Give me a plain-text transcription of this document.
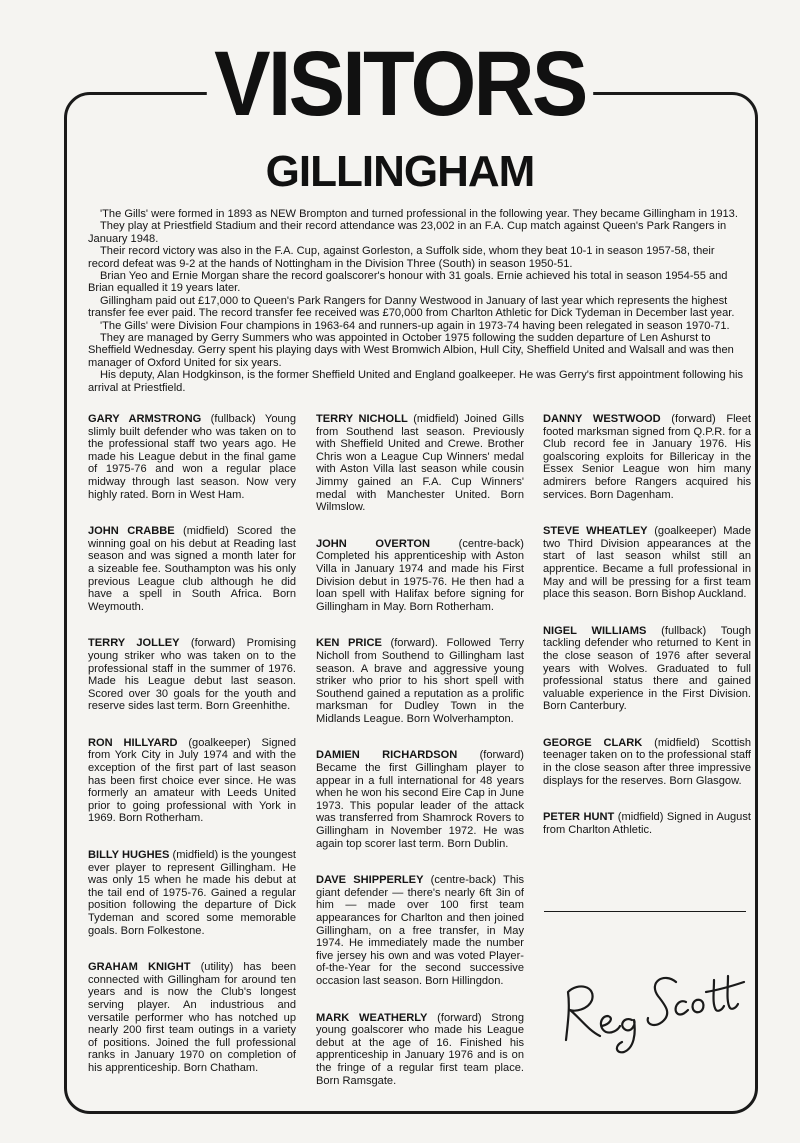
VISITORS
GILLINGHAM

'The Gills' were formed in 1893 as NEW Brompton and turned professional in the following year. They became Gillingham in 1913.

They play at Priestfield Stadium and their record attendance was 23,002 in an F.A. Cup match against Queen's Park Rangers in January 1948.

Their record victory was also in the F.A. Cup, against Gorleston, a Suffolk side, whom they beat 10-1 in season 1957-58, their record defeat was 9-2 at the hands of Nottingham in the Division Three (South) in season 1950-51.

Brian Yeo and Ernie Morgan share the record goalscorer's honour with 31 goals. Ernie achieved his total in season 1954-55 and Brian equalled it 19 years later.

Gillingham paid out £17,000 to Queen's Park Rangers for Danny Westwood in January of last year which represents the highest transfer fee ever paid. The record transfer fee received was £70,000 from Charlton Athletic for Dick Tydeman in December last year.

'The Gills' were Division Four champions in 1963-64 and runners-up again in 1973-74 having been relegated in season 1970-71.

They are managed by Gerry Summers who was appointed in October 1975 following the sudden departure of Len Ashurst to Sheffield Wednesday. Gerry spent his playing days with West Bromwich Albion, Hull City, Sheffield United and Walsall and was then manager of Oxford United for six years.

His deputy, Alan Hodgkinson, is the former Sheffield United and England goalkeeper. He was Gerry's first appointment following his arrival at Priestfield.

GARY ARMSTRONG (fullback) Young slimly built defender who was taken on to the professional staff two years ago. He made his League debut in the final game of 1975-76 and won a regular place midway through last season. Now very highly rated. Born in West Ham.

JOHN CRABBE (midfield) Scored the winning goal on his debut at Reading last season and was signed a month later for a sizeable fee. Southampton was his only previous League club although he did have a spell in South Africa. Born Weymouth.

TERRY JOLLEY (forward) Promising young striker who was taken on to the professional staff in the summer of 1976. Made his League debut last season. Scored over 30 goals for the youth and reserve sides last term. Born Greenhithe.

RON HILLYARD (goalkeeper) Signed from York City in July 1974 and with the exception of the first part of last season has been first choice ever since. He was formerly an amateur with Leeds United prior to going professional with York in 1969. Born Rotherham.

BILLY HUGHES (midfield) is the youngest ever player to represent Gillingham. He was only 15 when he made his debut at the tail end of 1975-76. Gained a regular position following the departure of Dick Tydeman and scored some memorable goals. Born Folkestone.

GRAHAM KNIGHT (utility) has been connected with Gillingham for around ten years and is now the Club's longest serving player. An industrious and versatile performer who has notched up nearly 200 first team outings in a variety of positions. Joined the full professional ranks in January 1970 on completion of his apprenticeship. Born Chatham.

TERRY NICHOLL (midfield) Joined Gills from Southend last season. Previously with Sheffield United and Crewe. Brother Chris won a League Cup Winners' medal with Aston Villa last season while cousin Jimmy gained an F.A. Cup Winners' medal with Manchester United. Born Wilmslow.

JOHN OVERTON (centre-back) Completed his apprenticeship with Aston Villa in January 1974 and made his First Division debut in 1975-76. He then had a loan spell with Halifax before signing for Gillingham in May. Born Rotherham.

KEN PRICE (forward). Followed Terry Nicholl from Southend to Gillingham last season. A brave and aggressive young striker who prior to his short spell with Southend gained a reputation as a prolific marksman for Dudley Town in the Midlands League. Born Wolverhampton.

DAMIEN RICHARDSON (forward) Became the first Gillingham player to appear in a full international for 48 years when he won his second Eire Cap in June 1973. This popular leader of the attack was transferred from Shamrock Rovers to Gillingham in November 1972. He was again top scorer last term. Born Dublin.

DAVE SHIPPERLEY (centre-back) This giant defender — there's nearly 6ft 3in of him — made over 100 first team appearances for Charlton and then joined Gillingham, on a free transfer, in May 1974. He immediately made the number five jersey his own and was voted Player-of-the-Year for the second successive occasion last season. Born Hillingdon.

MARK WEATHERLY (forward) Strong young goalscorer who made his League debut at the age of 16. Finished his apprenticeship in January 1976 and is on the fringe of a regular first team place. Born Ramsgate.

DANNY WESTWOOD (forward) Fleet footed marksman signed from Q.P.R. for a Club record fee in January 1976. His goalscoring exploits for Billericay in the Essex Senior League won him many admirers before Rangers acquired his services. Born Dagenham.

STEVE WHEATLEY (goalkeeper) Made two Third Division appearances at the start of last season whilst still an apprentice. Became a full professional in May and will be pressing for a first team place this season. Born Bishop Auckland.

NIGEL WILLIAMS (fullback) Tough tackling defender who returned to Kent in the close season of 1976 after several years with Wolves. Graduated to full professional status there and gained valuable experience in the First Division. Born Canterbury.

GEORGE CLARK (midfield) Scottish teenager taken on to the professional staff in the close season after three impressive displays for the reserves. Born Glasgow.

PETER HUNT (midfield) Signed in August from Charlton Athletic.
